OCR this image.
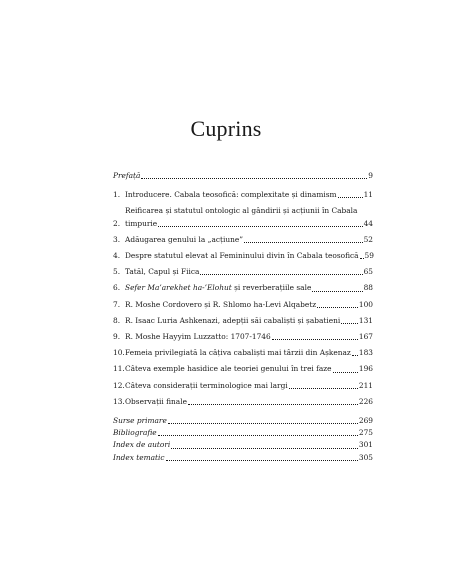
Cuprins
Prefață	9
1. Introducere. Cabala teosofică: complexitate și dinamism	11
2.
Reificarea și statutul ontologic al gândirii și acțiunii în Cabala
timpurie	44
3. Adăugarea genului la „acțiune”	52
4. Despre statutul elevat al Femininului divin în Cabala teosofică 59
5. Tatăl, Capul și Fiica	65
6. Sefer Ma’arekhet ha-’Elohut și reverberațiile sale	88
7. R. Moshe Cordovero și R. Shlomo ha-Levi Alqabetz	100
8. R. Isaac Luria Ashkenazi, adepții săi cabaliști și șabatieni	131
9. R. Moshe Hayyim Luzzatto: 1707-1746	167
10. Femeia privilegiată la câțiva cabaliști mai târzii din Așkenaz 183
11. Câteva exemple hasidice ale teoriei genului în trei faze	196
12. Câteva considerații terminologice mai largi	211
13. Observații finale	226
Surse primare	269
Bibliografie	275
Index de autori	301
Index tematic	305
